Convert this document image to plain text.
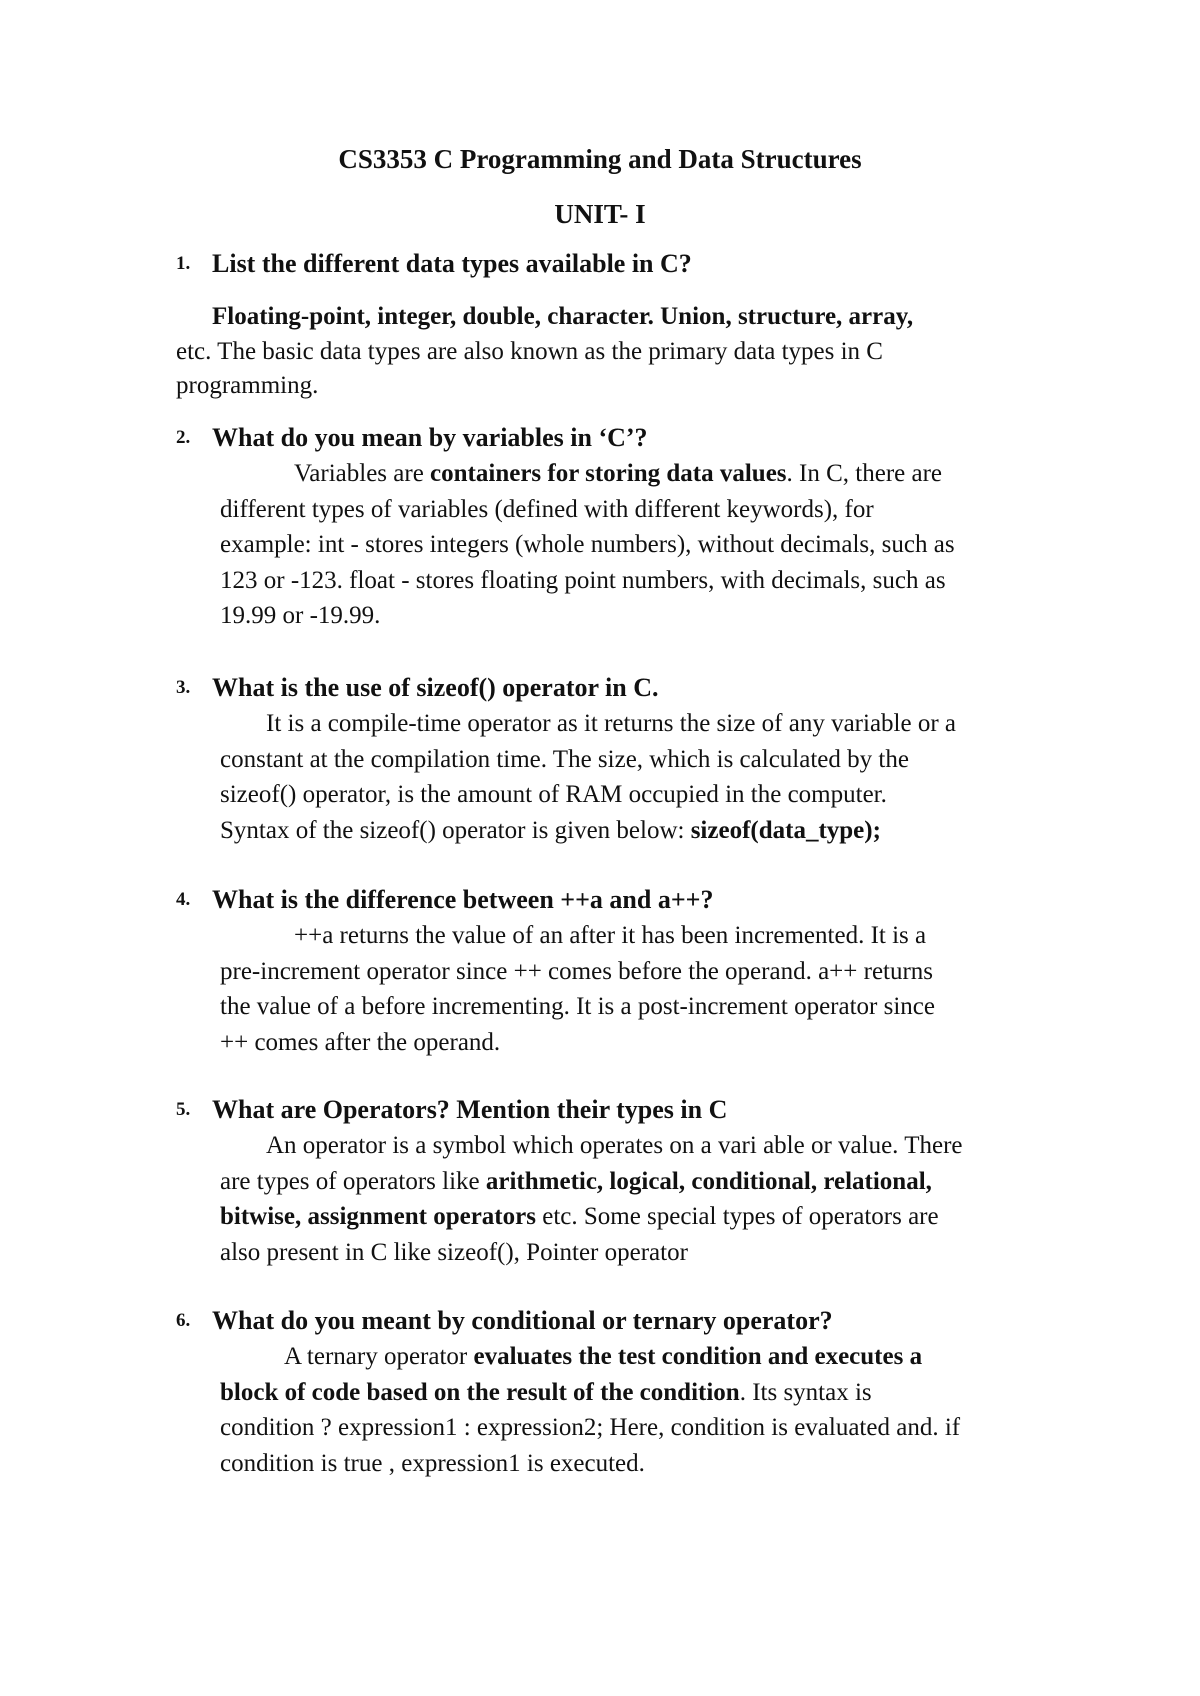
CS3353 C Programming and Data Structures
UNIT- I
1. List the different data types available in C?
Floating-point, integer, double, character. Union, structure, array,
etc. The basic data types are also known as the primary data types in C
programming.
2. What do you mean by variables in ‘C’?
Variables are containers for storing data values. In C, there are
different types of variables (defined with different keywords), for
example: int - stores integers (whole numbers), without decimals, such as
123 or -123. float - stores floating point numbers, with decimals, such as
19.99 or -19.99.
3. What is the use of sizeof() operator in C.
It is a compile-time operator as it returns the size of any variable or a
constant at the compilation time. The size, which is calculated by the
sizeof() operator, is the amount of RAM occupied in the computer.
Syntax of the sizeof() operator is given below: sizeof(data_type);
4. What is the difference between ++a and a++?
++a returns the value of an after it has been incremented. It is a
pre-increment operator since ++ comes before the operand. a++ returns
the value of a before incrementing. It is a post-increment operator since
++ comes after the operand.
5. What are Operators? Mention their types in C
An operator is a symbol which operates on a vari able or value. There
are types of operators like arithmetic, logical, conditional, relational,
bitwise, assignment operators etc. Some special types of operators are
also present in C like sizeof(), Pointer operator
6. What do you meant by conditional or ternary operator?
A ternary operator evaluates the test condition and executes a
block of code based on the result of the condition. Its syntax is
condition ? expression1 : expression2; Here, condition is evaluated and. if
condition is true , expression1 is executed.
